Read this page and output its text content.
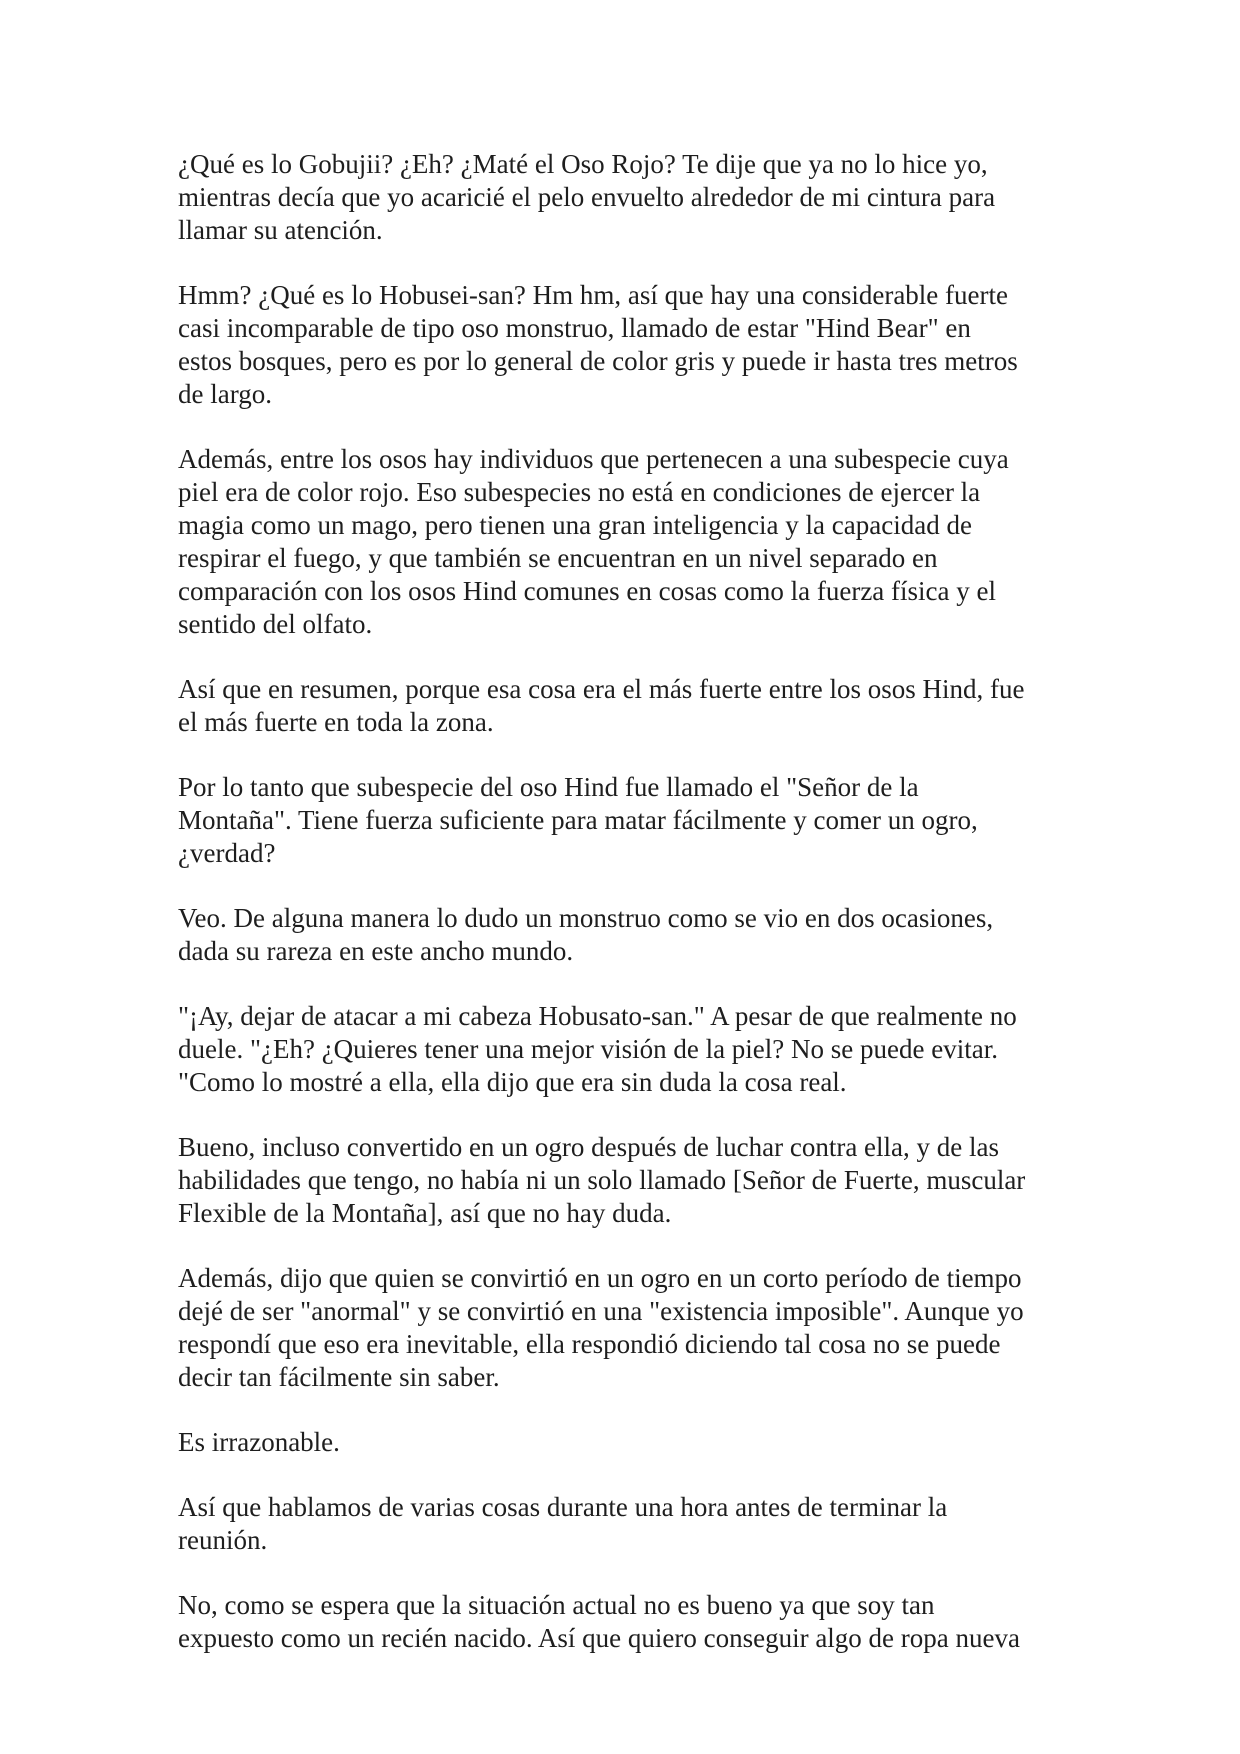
¿Qué es lo Gobujii? ¿Eh? ¿Maté el Oso Rojo? Te dije que ya no lo hice yo,
mientras decía que yo acaricié el pelo envuelto alrededor de mi cintura para
llamar su atención.

Hmm? ¿Qué es lo Hobusei-san? Hm hm, así que hay una considerable fuerte
casi incomparable de tipo oso monstruo, llamado de estar "Hind Bear" en
estos bosques, pero es por lo general de color gris y puede ir hasta tres metros
de largo.

Además, entre los osos hay individuos que pertenecen a una subespecie cuya
piel era de color rojo. Eso subespecies no está en condiciones de ejercer la
magia como un mago, pero tienen una gran inteligencia y la capacidad de
respirar el fuego, y que también se encuentran en un nivel separado en
comparación con los osos Hind comunes en cosas como la fuerza física y el
sentido del olfato.

Así que en resumen, porque esa cosa era el más fuerte entre los osos Hind, fue
el más fuerte en toda la zona.

Por lo tanto que subespecie del oso Hind fue llamado el "Señor de la
Montaña". Tiene fuerza suficiente para matar fácilmente y comer un ogro,
¿verdad?

Veo. De alguna manera lo dudo un monstruo como se vio en dos ocasiones,
dada su rareza en este ancho mundo.

"¡Ay, dejar de atacar a mi cabeza Hobusato-san." A pesar de que realmente no
duele. "¿Eh? ¿Quieres tener una mejor visión de la piel? No se puede evitar.
"Como lo mostré a ella, ella dijo que era sin duda la cosa real.

Bueno, incluso convertido en un ogro después de luchar contra ella, y de las
habilidades que tengo, no había ni un solo llamado [Señor de Fuerte, muscular
Flexible de la Montaña], así que no hay duda.

Además, dijo que quien se convirtió en un ogro en un corto período de tiempo
dejé de ser "anormal" y se convirtió en una "existencia imposible". Aunque yo
respondí que eso era inevitable, ella respondió diciendo tal cosa no se puede
decir tan fácilmente sin saber.

Es irrazonable.

Así que hablamos de varias cosas durante una hora antes de terminar la
reunión.

No, como se espera que la situación actual no es bueno ya que soy tan
expuesto como un recién nacido. Así que quiero conseguir algo de ropa nueva
